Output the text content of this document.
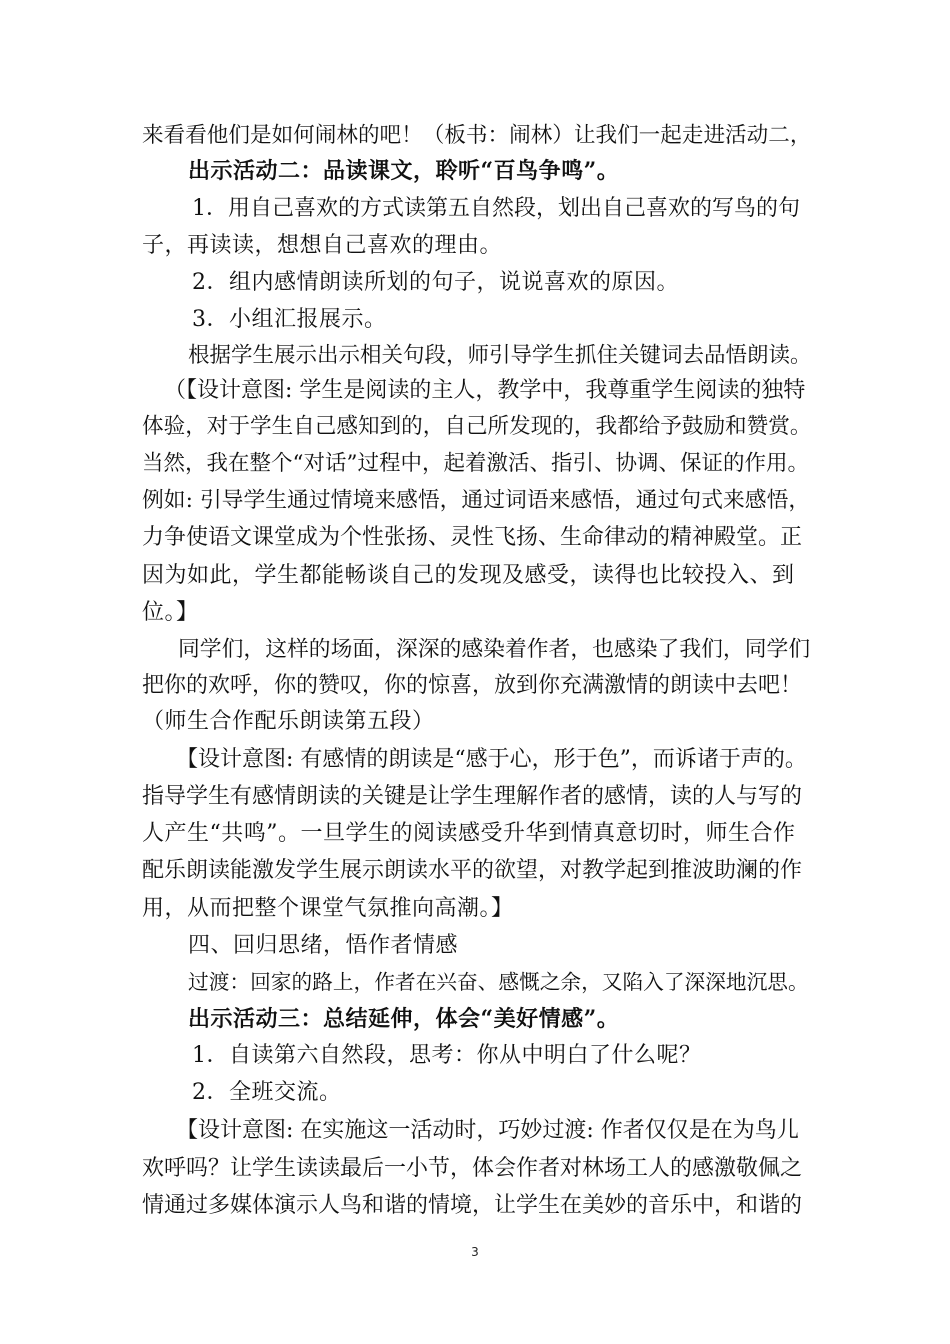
来看看他们是如何闹林的吧！（板书：闹林）让我们一起走进活动二，
出示活动二：品读课文，聆听“百鸟争鸣”。
1．用自己喜欢的方式读第五自然段，划出自己喜欢的写鸟的句
子，再读读，想想自己喜欢的理由。
2．组内感情朗读所划的句子，说说喜欢的原因。
3．小组汇报展示。
根据学生展示出示相关句段，师引导学生抓住关键词去品悟朗读。
（【设计意图: 学生是阅读的主人，教学中，我尊重学生阅读的独特
体验，对于学生自己感知到的，自己所发现的，我都给予鼓励和赞赏。
当然，我在整个“对话”过程中，起着激活、指引、协调、保证的作用。
例如: 引导学生通过情境来感悟，通过词语来感悟，通过句式来感悟，
力争使语文课堂成为个性张扬、灵性飞扬、生命律动的精神殿堂。正
因为如此，学生都能畅谈自己的发现及感受，读得也比较投入、到
位。】
同学们，这样的场面，深深的感染着作者，也感染了我们，同学们
把你的欢呼，你的赞叹，你的惊喜，放到你充满激情的朗读中去吧！
（师生合作配乐朗读第五段）
【设计意图: 有感情的朗读是“感于心，形于色”，而诉诸于声的。
指导学生有感情朗读的关键是让学生理解作者的感情，读的人与写的
人产生“共鸣”。一旦学生的阅读感受升华到情真意切时，师生合作
配乐朗读能激发学生展示朗读水平的欲望，对教学起到推波助澜的作
用，从而把整个课堂气氛推向高潮。】
四、回归思绪，悟作者情感
过渡：回家的路上，作者在兴奋、感慨之余，又陷入了深深地沉思。
出示活动三：总结延伸，体会“美好情感”。
1．自读第六自然段，思考：你从中明白了什么呢？
2．全班交流。
【设计意图: 在实施这一活动时，巧妙过渡: 作者仅仅是在为鸟儿
欢呼吗？让学生读读最后一小节，体会作者对林场工人的感激敬佩之
情通过多媒体演示人鸟和谐的情境，让学生在美妙的音乐中，和谐的
3
